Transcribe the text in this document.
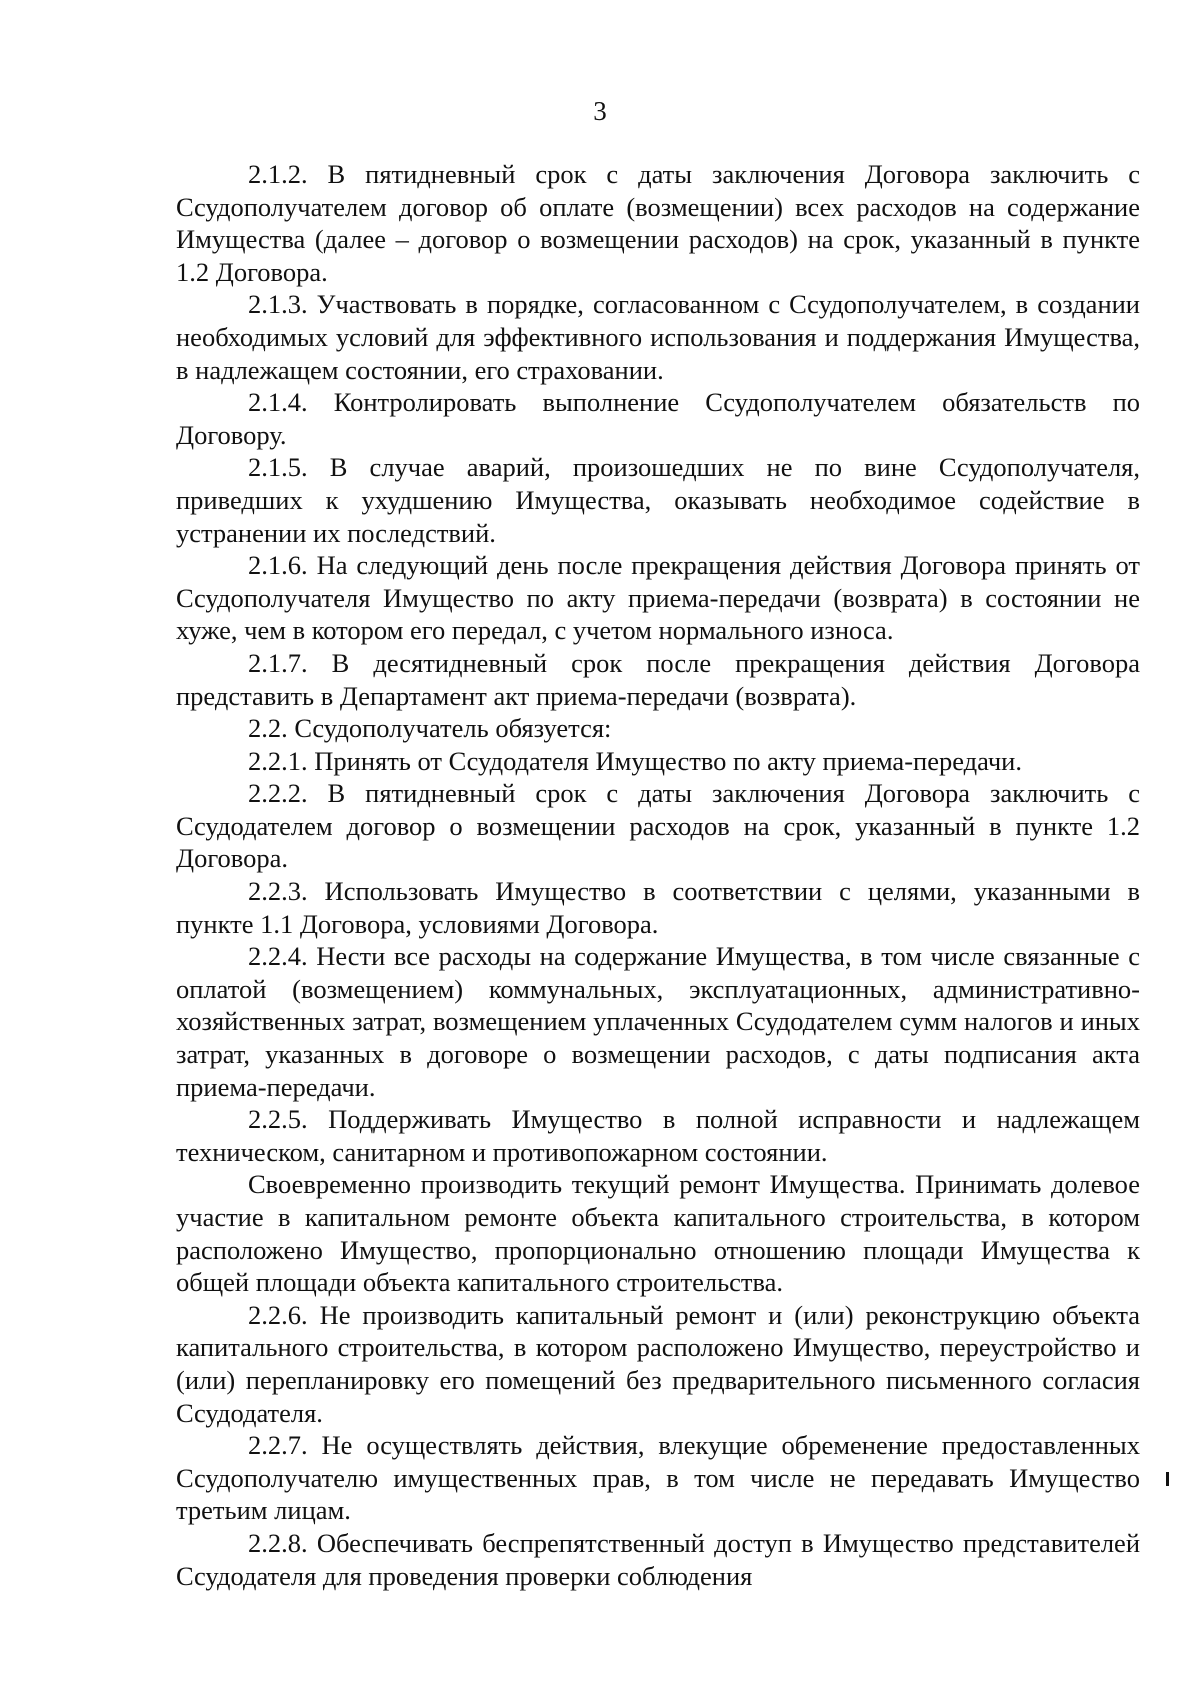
3

2.1.2. В пятидневный срок с даты заключения Договора заключить с Ссудополучателем договор об оплате (возмещении) всех расходов на содержание Имущества (далее – договор о возмещении расходов) на срок, указанный в пункте 1.2 Договора.

2.1.3. Участвовать в порядке, согласованном с Ссудополучателем, в создании необходимых условий для эффективного использования и поддержания Имущества, в надлежащем состоянии, его страховании.

2.1.4. Контролировать выполнение Ссудополучателем обязательств по Договору.

2.1.5. В случае аварий, произошедших не по вине Ссудополучателя, приведших к ухудшению Имущества, оказывать необходимое содействие в устранении их последствий.

2.1.6. На следующий день после прекращения действия Договора принять от Ссудополучателя Имущество по акту приема-передачи (возврата) в состоянии не хуже, чем в котором его передал, с учетом нормального износа.

2.1.7. В десятидневный срок после прекращения действия Договора представить в Департамент акт приема-передачи (возврата).

2.2. Ссудополучатель обязуется:

2.2.1. Принять от Ссудодателя Имущество по акту приема-передачи.

2.2.2. В пятидневный срок с даты заключения Договора заключить с Ссудодателем договор о возмещении расходов на срок, указанный в пункте 1.2 Договора.

2.2.3. Использовать Имущество в соответствии с целями, указанными в пункте 1.1 Договора, условиями Договора.

2.2.4. Нести все расходы на содержание Имущества, в том числе связанные с оплатой (возмещением) коммунальных, эксплуатационных, административно-хозяйственных затрат, возмещением уплаченных Ссудодателем сумм налогов и иных затрат, указанных в договоре о возмещении расходов, с даты подписания акта приема-передачи.

2.2.5. Поддерживать Имущество в полной исправности и надлежащем техническом, санитарном и противопожарном состоянии.

Своевременно производить текущий ремонт Имущества. Принимать долевое участие в капитальном ремонте объекта капитального строительства, в котором расположено Имущество, пропорционально отношению площади Имущества к общей площади объекта капитального строительства.

2.2.6. Не производить капитальный ремонт и (или) реконструкцию объекта капитального строительства, в котором расположено Имущество, переустройство и (или) перепланировку его помещений без предварительного письменного согласия Ссудодателя.

2.2.7. Не осуществлять действия, влекущие обременение предоставленных Ссудополучателю имущественных прав, в том числе не передавать Имущество третьим лицам.

2.2.8. Обеспечивать беспрепятственный доступ в Имущество представителей Ссудодателя для проведения проверки соблюдения
